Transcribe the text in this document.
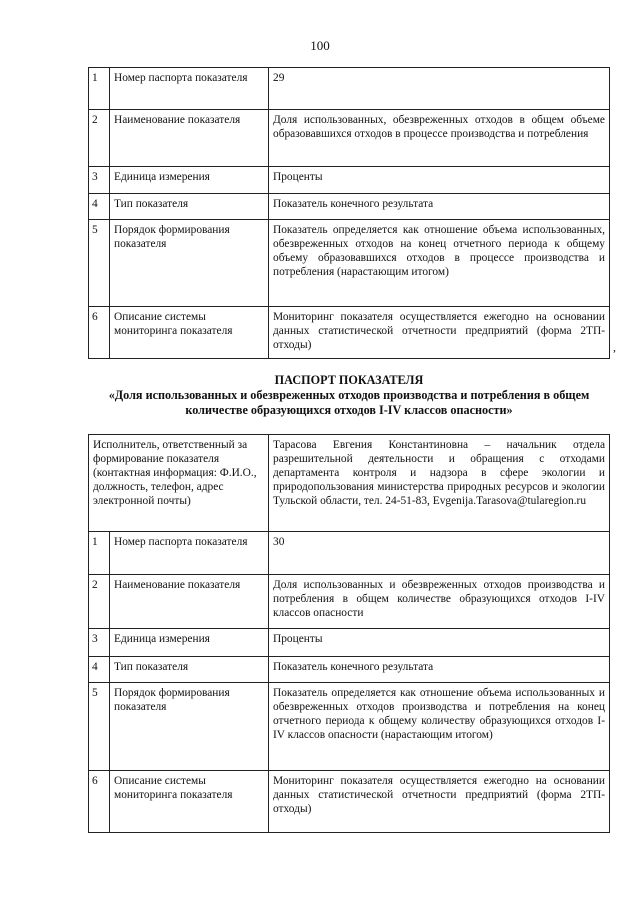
100
1	Номер паспорта показателя	29
2	Наименование показателя	Доля использованных, обезвреженных отходов в общем объеме образовавшихся отходов в процессе производства и потребления
3	Единица измерения	Проценты
4	Тип показателя	Показатель конечного результата
5	Порядок формирования показателя	Показатель определяется как отношение объема использованных, обезвреженных отходов на конец отчетного периода к общему объему образовавшихся отходов в процессе производства и потребления (нарастающим итогом)
6	Описание системы мониторинга показателя	Мониторинг показателя осуществляется ежегодно на основании данных статистической отчетности предприятий (форма 2ТП-отходы)	,
ПАСПОРТ ПОКАЗАТЕЛЯ
«Доля использованных и обезвреженных отходов производства и потребления в общем количестве образующихся отходов I-IV классов опасности»
Исполнитель, ответственный за формирование показателя (контактная информация: Ф.И.О., должность, телефон, адрес электронной почты)		Тарасова Евгения Константиновна – начальник отдела разрешительной деятельности и обращения с отходами департамента контроля и надзора в сфере экологии и природопользования министерства природных ресурсов и экологии Тульской области, тел. 24-51-83, Evgenija.Tarasova@tularegion.ru
1	Номер паспорта показателя	30
2	Наименование показателя	Доля использованных и обезвреженных отходов производства и потребления в общем количестве образующихся отходов I-IV классов опасности
3	Единица измерения	Проценты
4	Тип показателя	Показатель конечного результата
5	Порядок формирования показателя	Показатель определяется как отношение объема использованных и обезвреженных отходов производства и потребления на конец отчетного периода к общему количеству образующихся отходов I-IV классов опасности (нарастающим итогом)
6	Описание системы мониторинга показателя	Мониторинг показателя осуществляется ежегодно на основании данных статистической отчетности предприятий (форма 2ТП-отходы)
